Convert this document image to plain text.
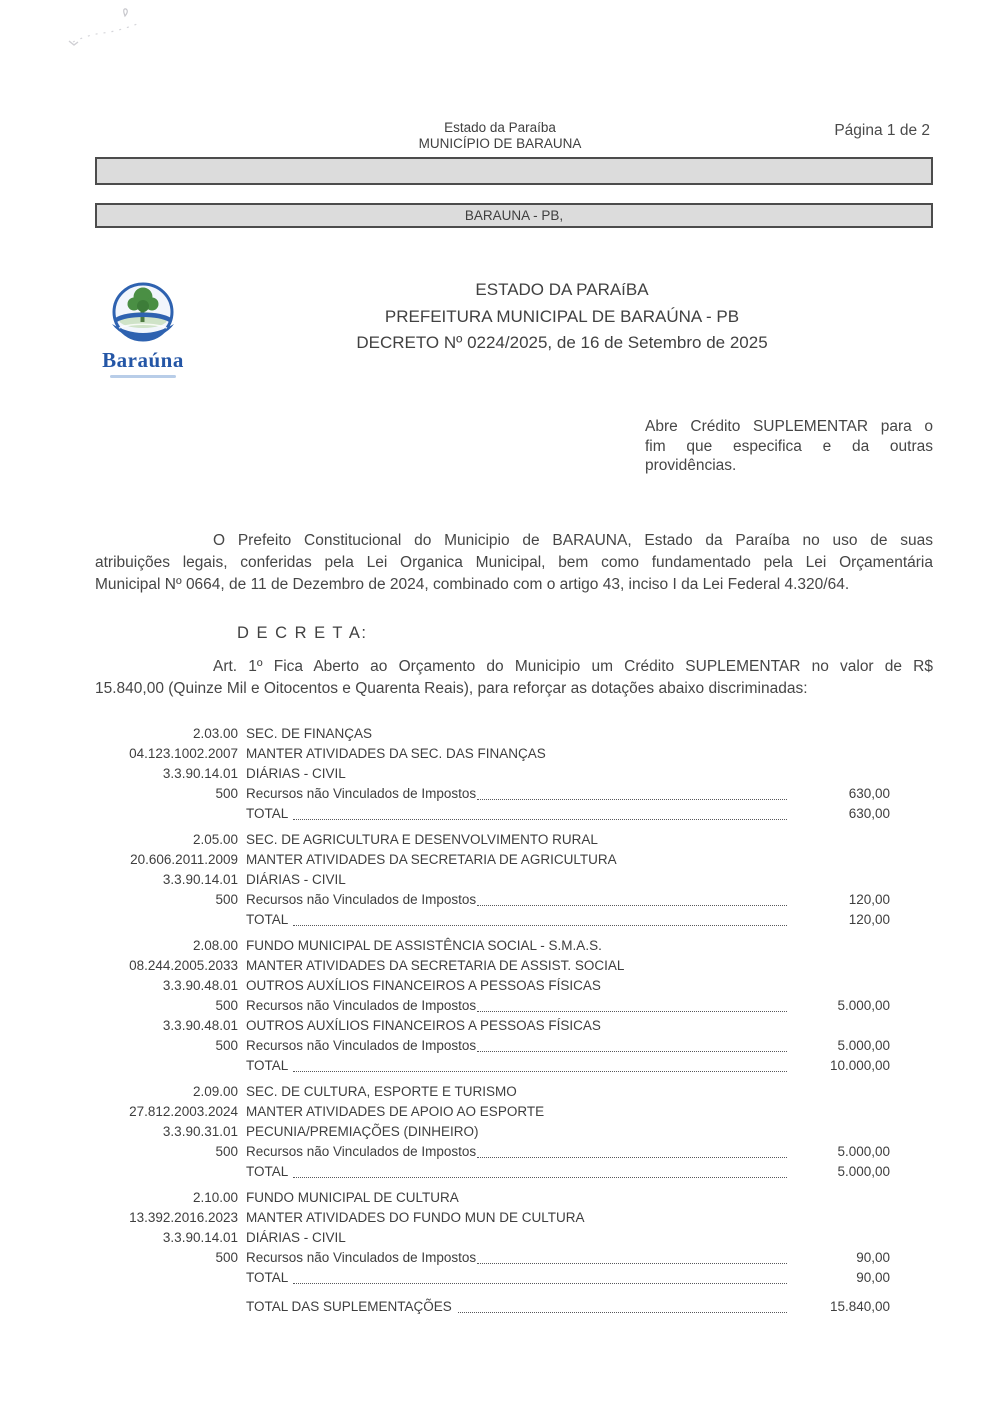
Estado da Paraíba
MUNICÍPIO DE BARAUNA
Página 1 de 2
BARAUNA - PB,
Baraúna
ESTADO DA PARAíBA
PREFEITURA MUNICIPAL DE BARAÚNA - PB
DECRETO Nº 0224/2025, de 16 de Setembro de 2025
Abre Crédito SUPLEMENTAR para o
fim que especifica e da outras
providências.
O Prefeito Constitucional do Municipio de BARAUNA, Estado da Paraíba no uso de suas
atribuições legais, conferidas pela Lei Organica Municipal, bem como fundamentado pela Lei Orçamentária
Municipal Nº 0664, de 11 de Dezembro de 2024, combinado com o artigo 43, inciso I da Lei Federal 4.320/64.
D E C R E T A:
Art. 1º Fica Aberto ao Orçamento do Municipio um Crédito SUPLEMENTAR no valor de R$
15.840,00 (Quinze Mil e Oitocentos e Quarenta Reais), para reforçar as dotações abaixo discriminadas:
2.03.00 SEC. DE FINANÇAS
04.123.1002.2007 MANTER ATIVIDADES DA SEC. DAS FINANÇAS
3.3.90.14.01 DIÁRIAS - CIVIL
500 Recursos não Vinculados de Impostos	630,00
TOTAL	630,00
2.05.00 SEC. DE AGRICULTURA E DESENVOLVIMENTO RURAL
20.606.2011.2009 MANTER ATIVIDADES DA SECRETARIA DE AGRICULTURA
3.3.90.14.01 DIÁRIAS - CIVIL
500 Recursos não Vinculados de Impostos	120,00
TOTAL	120,00
2.08.00 FUNDO MUNICIPAL DE ASSISTÊNCIA SOCIAL - S.M.A.S.
08.244.2005.2033 MANTER ATIVIDADES DA SECRETARIA DE ASSIST. SOCIAL
3.3.90.48.01 OUTROS AUXÍLIOS FINANCEIROS A PESSOAS FÍSICAS
500 Recursos não Vinculados de Impostos	5.000,00
3.3.90.48.01 OUTROS AUXÍLIOS FINANCEIROS A PESSOAS FÍSICAS
500 Recursos não Vinculados de Impostos	5.000,00
TOTAL	10.000,00
2.09.00 SEC. DE CULTURA, ESPORTE E TURISMO
27.812.2003.2024 MANTER ATIVIDADES DE APOIO AO ESPORTE
3.3.90.31.01 PECUNIA/PREMIAÇÕES (DINHEIRO)
500 Recursos não Vinculados de Impostos	5.000,00
TOTAL	5.000,00
2.10.00 FUNDO MUNICIPAL DE CULTURA
13.392.2016.2023 MANTER ATIVIDADES DO FUNDO MUN DE CULTURA
3.3.90.14.01 DIÁRIAS - CIVIL
500 Recursos não Vinculados de Impostos	90,00
TOTAL	90,00
TOTAL DAS SUPLEMENTAÇÕES	15.840,00
